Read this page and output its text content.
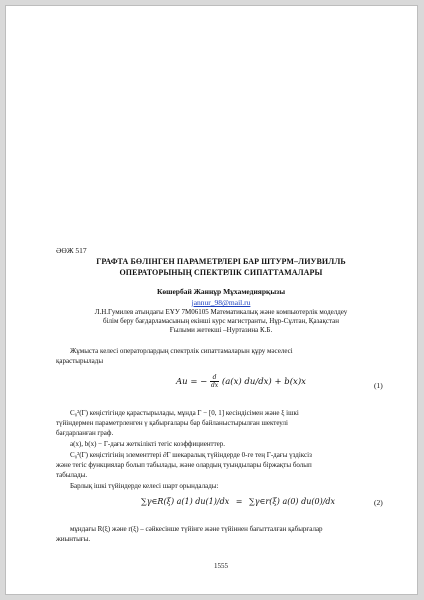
ӘӨЖ 517
ГРАФТА БӨЛІНГЕН ПАРАМЕТРЛЕРІ БАР ШТУРМ–ЛИУВИЛЛЬ
ОПЕРАТОРЫНЫҢ СПЕКТРЛІК СИПАТТАМАЛАРЫ
Көшербай Жаннұр Мұхамедиярқызы
jannur_98@mail.ru
Л.Н.Гумилев атындағы ЕҰУ 7М06105 Математикалық және компьютерлік моделдеу
білім беру бағдарламасының екінші курс магистранты, Нұр-Сұлтан, Қазақстан
Ғылыми жетекші –Нуртазина К.Б.
Жұмыста келесі операторлардың спектрлік сипаттамаларын құру мәселесі
қарастырылады
Au = − d
dx (a(x) du/dx) + b(x)x	(1)
C₀²(Γ) кеңістігінде қарастырылады, мұнда Γ − [0, 1] кесіндісімен және ξ ішкі
түйіндермен параметрленген γ қабырғалары бар байланыстырылған шектеулі
бағдарланған граф.
a(x), b(x) − Γ-дағы жеткілікті тегіс коэффициенттер.
C₀²(Γ) кеңістігінің элементтері ∂Γ шекаралық түйіндерде 0-ге тең Γ-дағы үздіксіз
және тегіс функциялар болып табылады, және олардың туындылары біржақты болып
табылады.
Барлық ішкі түйіндерде келесі шарт орындалады:
∑γ∈R(ξ) a(1) du(1)/dx = ∑γ∈r(ξ) a(0) du(0)/dx	(2)
мұндағы R(ξ) және r(ξ) – сәйкесінше түйінге және түйіннен бағытталған қабырғалар
жиынтығы.
1555
